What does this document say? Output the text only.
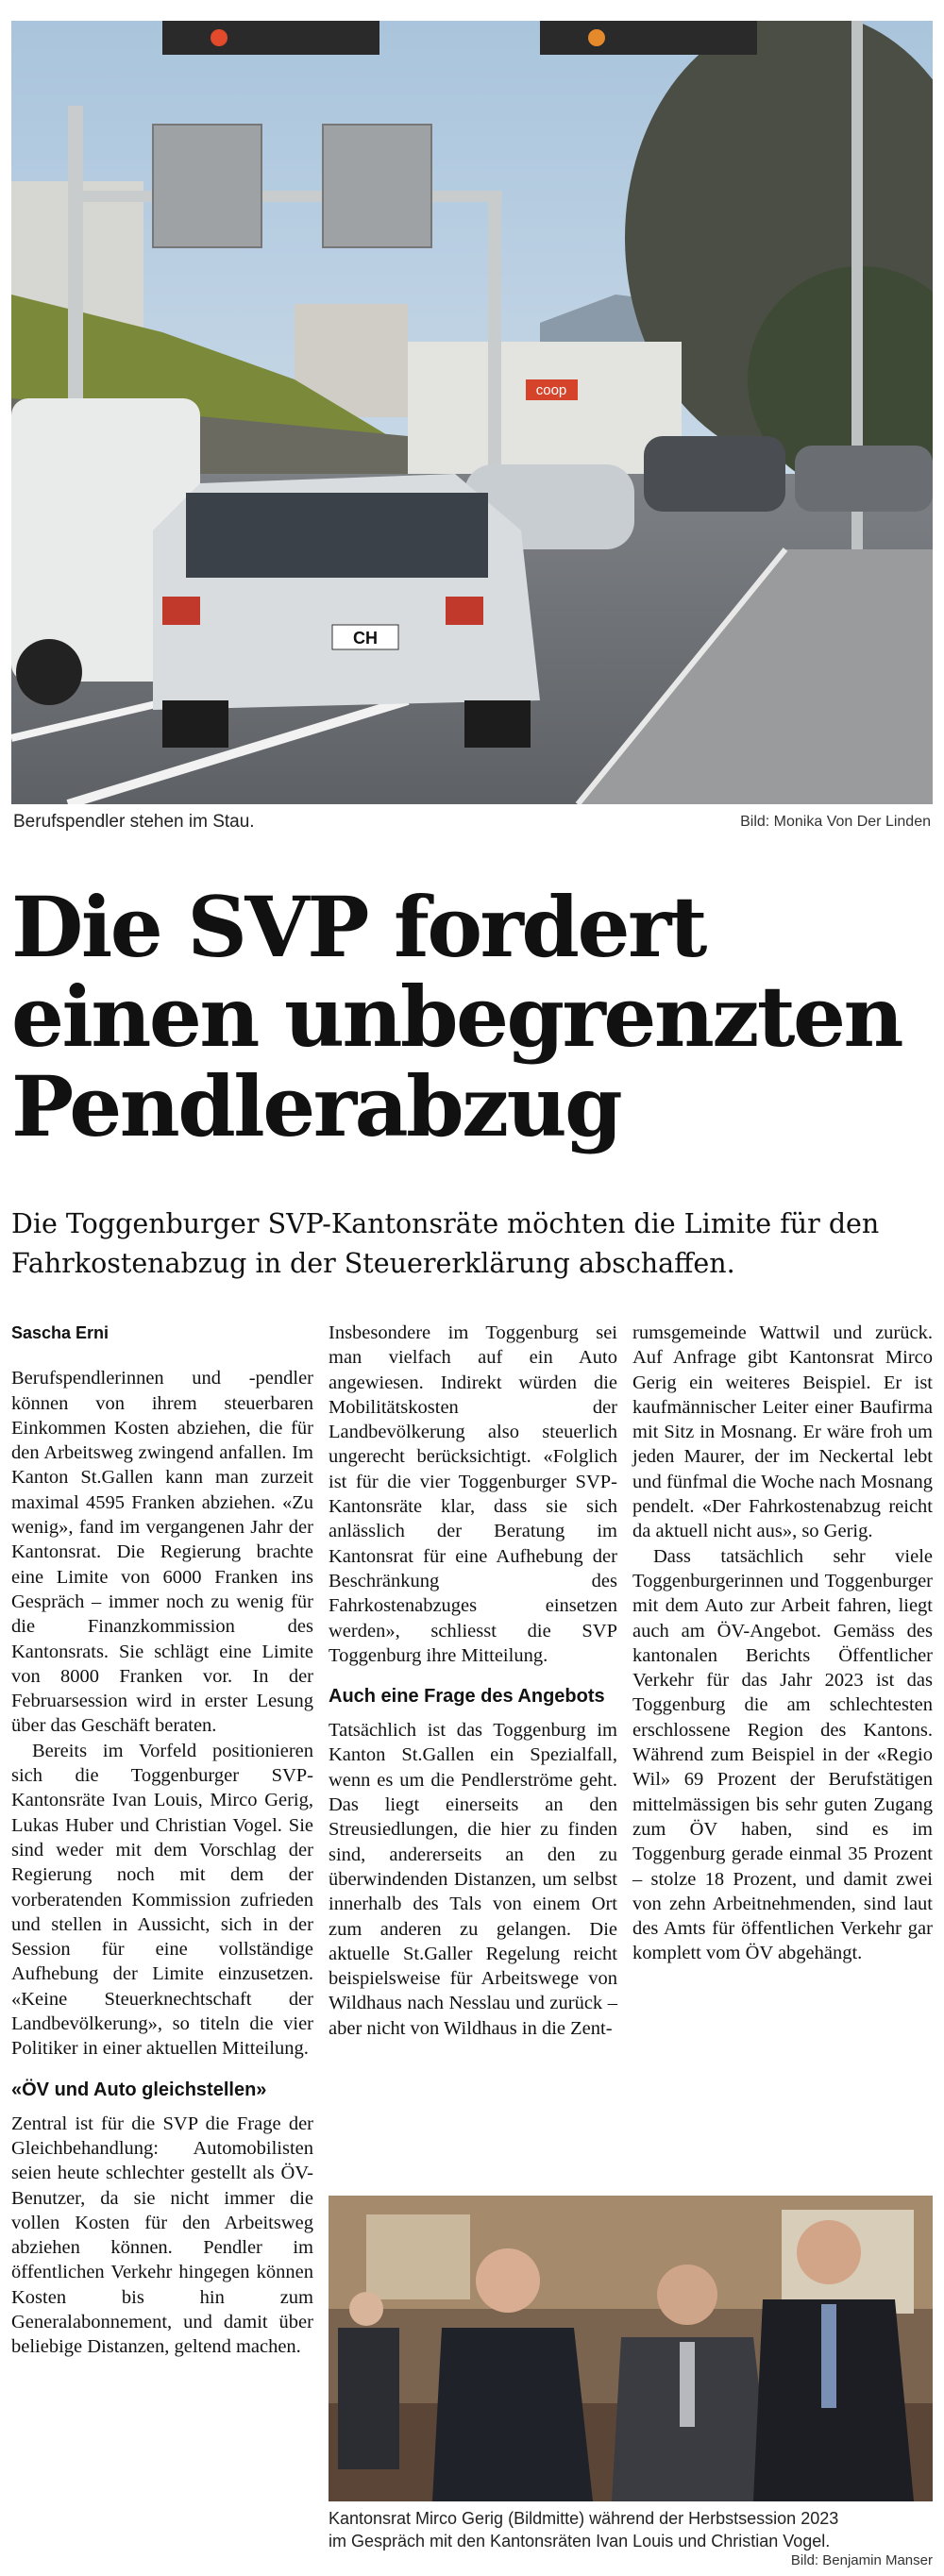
coop
CH
Berufspendler stehen im Stau.	Bild: Monika Von Der Linden
Die SVP fordert
einen unbegrenzten
Pendlerabzug
Die Toggenburger SVP-Kantonsräte möchten die Limite für den
Fahrkostenabzug in der Steuererklärung abschaffen.
Sascha Erni

Berufspendlerinnen und -pendler können von ihrem steuerbaren Einkommen Kosten abziehen, die für den Arbeitsweg zwingend anfallen. Im Kanton St.Gallen kann man zurzeit maximal 4595 Franken abziehen. «Zu wenig», fand im vergangenen Jahr der Kantonsrat. Die Regierung brachte eine Limite von 6000 Franken ins Gespräch – immer noch zu wenig für die Finanzkommission des Kantonsrats. Sie schlägt eine Limite von 8000 Franken vor. In der Februarsession wird in erster Lesung über das Geschäft beraten.

Bereits im Vorfeld positionieren sich die Toggenburger SVP-Kantonsräte Ivan Louis, Mirco Gerig, Lukas Huber und Christian Vogel. Sie sind weder mit dem Vorschlag der Regierung noch mit dem der vorberatenden Kommission zufrieden und stellen in Aussicht, sich in der Session für eine vollständige Aufhebung der Limite einzusetzen. «Keine Steuerknechtschaft der Landbevölkerung», so titeln die vier Politiker in einer aktuellen Mitteilung.

«ÖV und Auto gleichstellen»

Zentral ist für die SVP die Frage der Gleichbehandlung: Automobilisten seien heute schlechter gestellt als ÖV-Benutzer, da sie nicht immer die vollen Kosten für den Arbeitsweg abziehen können. Pendler im öffentlichen Verkehr hingegen können Kosten bis hin zum Generalabonnement, und damit über beliebige Distanzen, geltend machen.

Insbesondere im Toggenburg sei man vielfach auf ein Auto angewiesen. Indirekt würden die Mobilitätskosten der Landbevölkerung also steuerlich ungerecht berücksichtigt. «Folglich ist für die vier Toggenburger SVP-Kantonsräte klar, dass sie sich anlässlich der Beratung im Kantonsrat für eine Aufhebung der Beschränkung des Fahrkostenabzuges einsetzen werden», schliesst die SVP Toggenburg ihre Mitteilung.

Auch eine Frage des Angebots

Tatsächlich ist das Toggenburg im Kanton St.Gallen ein Spezialfall, wenn es um die Pendlerströme geht. Das liegt einerseits an den Streusiedlungen, die hier zu finden sind, andererseits an den zu überwindenden Distanzen, um selbst innerhalb des Tals von einem Ort zum anderen zu gelangen. Die aktuelle St.Galler Regelung reicht beispielsweise für Arbeitswege von Wildhaus nach Nesslau und zurück – aber nicht von Wildhaus in die Zent-

rumsgemeinde Wattwil und zurück. Auf Anfrage gibt Kantonsrat Mirco Gerig ein weiteres Beispiel. Er ist kaufmännischer Leiter einer Baufirma mit Sitz in Mosnang. Er wäre froh um jeden Maurer, der im Neckertal lebt und fünfmal die Woche nach Mosnang pendelt. «Der Fahrkostenabzug reicht da aktuell nicht aus», so Gerig.

Dass tatsächlich sehr viele Toggenburgerinnen und Toggenburger mit dem Auto zur Arbeit fahren, liegt auch am ÖV-Angebot. Gemäss des kantonalen Berichts Öffentlicher Verkehr für das Jahr 2023 ist das Toggenburg die am schlechtesten erschlossene Region des Kantons. Während zum Beispiel in der «Regio Wil» 69 Prozent der Berufstätigen mittelmässigen bis sehr guten Zugang zum ÖV haben, sind es im Toggenburg gerade einmal 35 Prozent – stolze 18 Prozent, und damit zwei von zehn Arbeitnehmenden, sind laut des Amts für öffentlichen Verkehr gar komplett vom ÖV abgehängt.

Kantonsrat Mirco Gerig (Bildmitte) während der Herbstsession 2023
im Gespräch mit den Kantonsräten Ivan Louis und Christian Vogel.
Bild: Benjamin Manser
